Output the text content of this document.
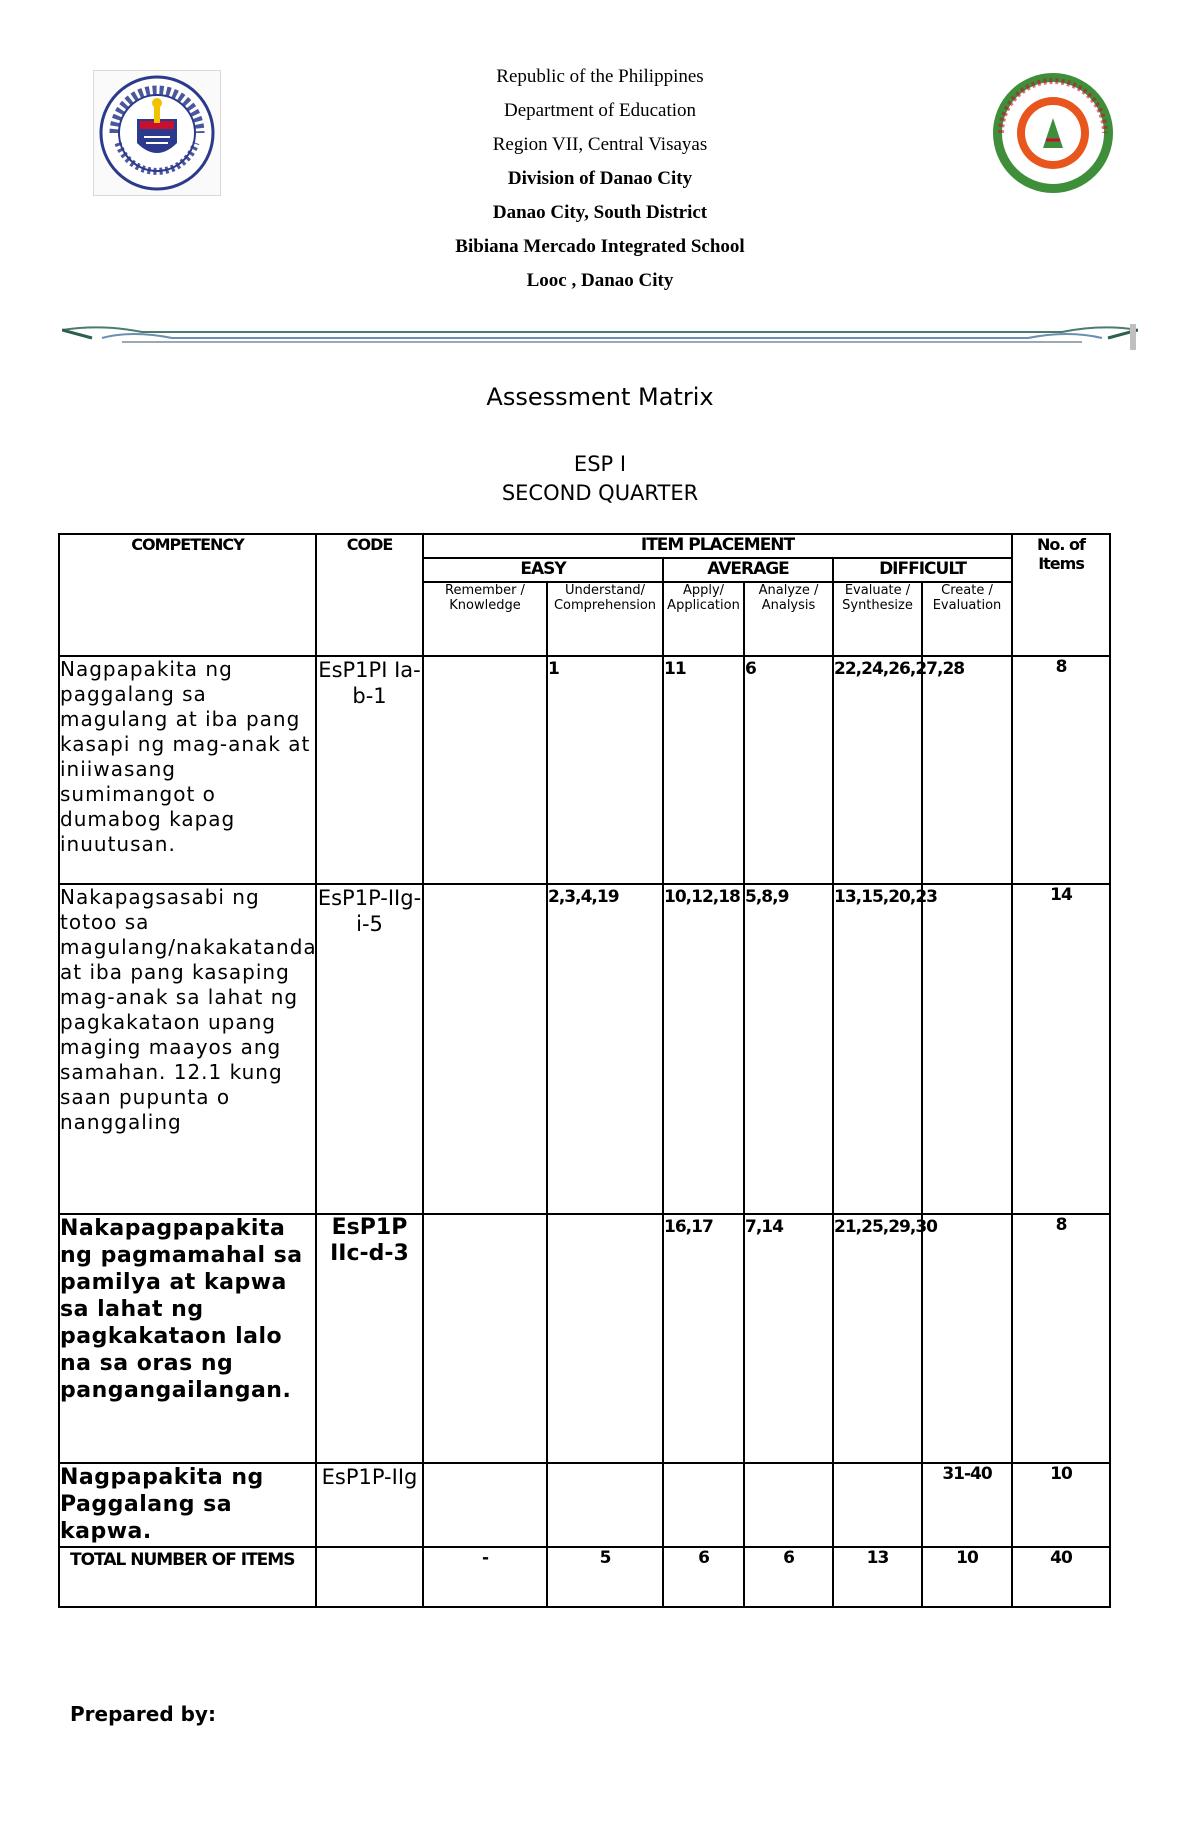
Republic of the Philippines
Department of Education
Region VII, Central Visayas
Division of Danao City
Danao City, South District
Bibiana Mercado Integrated School
Looc , Danao City
Assessment Matrix
ESP I
SECOND QUARTER
COMPETENCY	CODE	ITEM PLACEMENT						No. of Items
		EASY		AVERAGE		DIFFICULT		
		Remember / Knowledge	Understand/ Comprehension	Apply/ Application	Analyze / Analysis	Evaluate / Synthesize	Create / Evaluation	
Nagpapakita ng paggalang sa magulang at iba pang kasapi ng mag-anak at iniiwasang sumimangot o dumabog kapag inuutusan.	EsP1PI Ia-b-1		1	11	6	22,24,26,27,28		8
Nakapagsasabi ng totoo sa magulang/nakakatanda at iba pang kasaping mag-anak sa lahat ng pagkakataon upang maging maayos ang samahan. 12.1 kung saan pupunta o nanggaling	EsP1P-IIg-i-5		2,3,4,19	10,12,18	5,8,9	13,15,20,23		14
Nakapagpapakita ng pagmamahal sa pamilya at kapwa sa lahat ng pagkakataon lalo na sa oras ng pangangailangan.	EsP1P IIc-d-3			16,17	7,14	21,25,29,30		8
Nagpapakita ng Paggalang sa kapwa.	EsP1P-IIg						31-40	10
TOTAL NUMBER OF ITEMS		-	5	6	6	13	10	40
Prepared by:
